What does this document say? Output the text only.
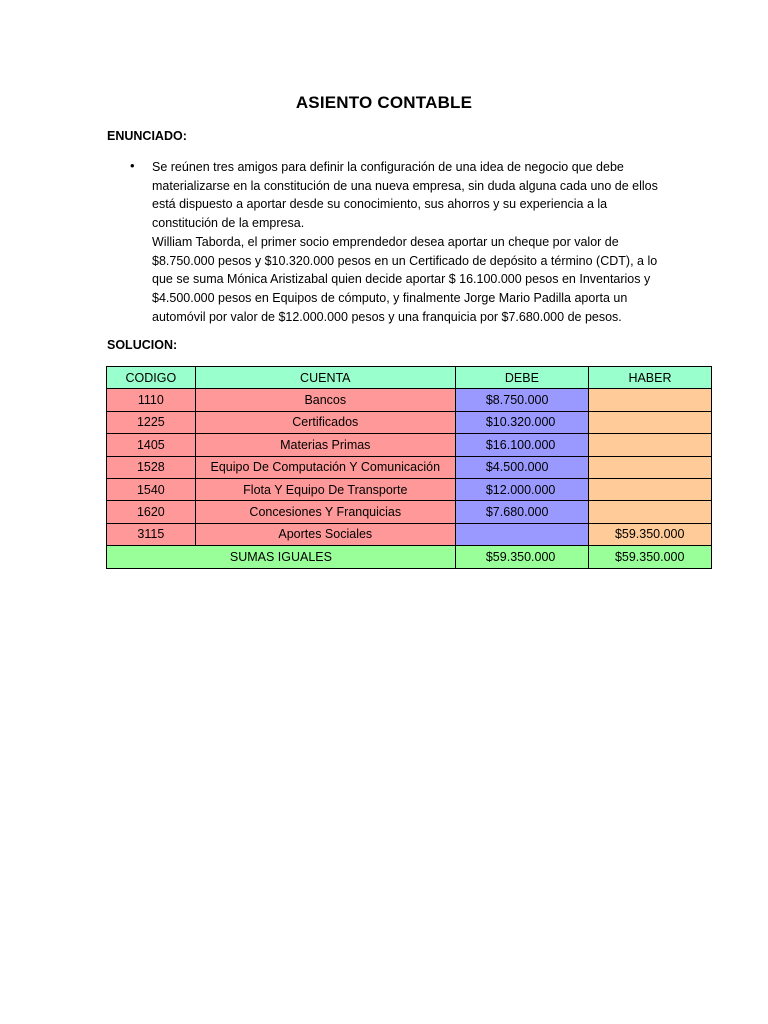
ASIENTO CONTABLE
ENUNCIADO:
• Se reúnen tres amigos para definir la configuración de una idea de negocio que debe
materializarse en la constitución de una nueva empresa, sin duda alguna cada uno de ellos
está dispuesto a aportar desde su conocimiento, sus ahorros y su experiencia a la
constitución de la empresa.
William Taborda, el primer socio emprendedor desea aportar un cheque por valor de
$8.750.000 pesos y $10.320.000 pesos en un Certificado de depósito a término (CDT), a lo
que se suma Mónica Aristizabal quien decide aportar $ 16.100.000 pesos en Inventarios y
$4.500.000 pesos en Equipos de cómputo, y finalmente Jorge Mario Padilla aporta un
automóvil por valor de $12.000.000 pesos y una franquicia por $7.680.000 de pesos.
SOLUCION:
CODIGO	CUENTA	DEBE	HABER
1110	Bancos	$8.750.000	
1225	Certificados	$10.320.000	
1405	Materias Primas	$16.100.000	
1528	Equipo De Computación Y Comunicación	$4.500.000	
1540	Flota Y Equipo De Transporte	$12.000.000	
1620	Concesiones Y Franquicias	$7.680.000	
3115	Aportes Sociales		$59.350.000
SUMAS IGUALES		$59.350.000	$59.350.000
